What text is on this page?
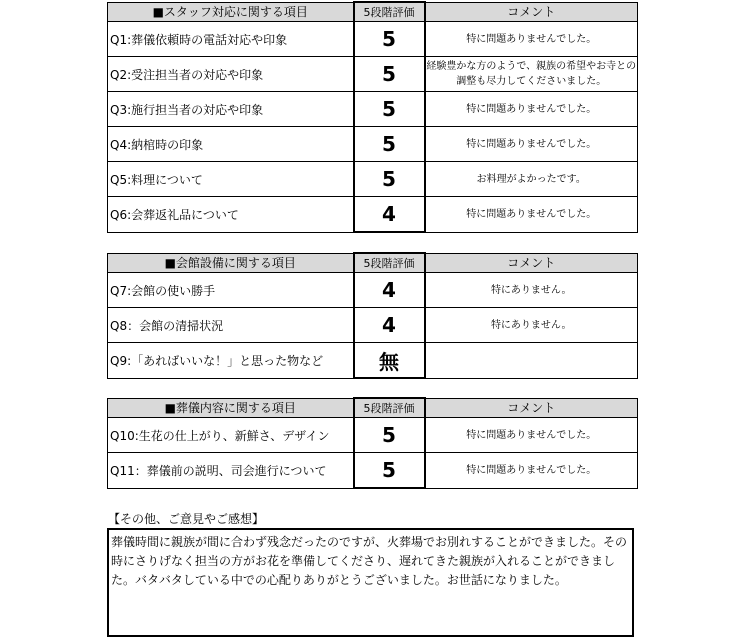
■スタッフ対応に関する項目	5段階評価	コメント
Q1:葬儀依頼時の電話対応や印象	5	特に問題ありませんでした。
Q2:受注担当者の対応や印象	5	経験豊かな方のようで、親族の希望やお寺との調整も尽力してくださいました。
Q3:施行担当者の対応や印象	5	特に問題ありませんでした。
Q4:納棺時の印象	5	特に問題ありませんでした。
Q5:料理について	5	お料理がよかったです。
Q6:会葬返礼品について	4	特に問題ありませんでした。
■会館設備に関する項目	5段階評価	コメント
Q7:会館の使い勝手	4	特にありません。
Q8：会館の清掃状況	4	特にありません。
Q9:「あればいいな！」と思った物など	無	
■葬儀内容に関する項目	5段階評価	コメント
Q10:生花の仕上がり、新鮮さ、デザイン	5	特に問題ありませんでした。
Q11：葬儀前の説明、司会進行について	5	特に問題ありませんでした。
【その他、ご意見やご感想】
葬儀時間に親族が間に合わず残念だったのですが、火葬場でお別れすることができました。その時にさりげなく担当の方がお花を準備してくださり、遅れてきた親族が入れることができました。バタバタしている中での心配りありがとうございました。お世話になりました。
